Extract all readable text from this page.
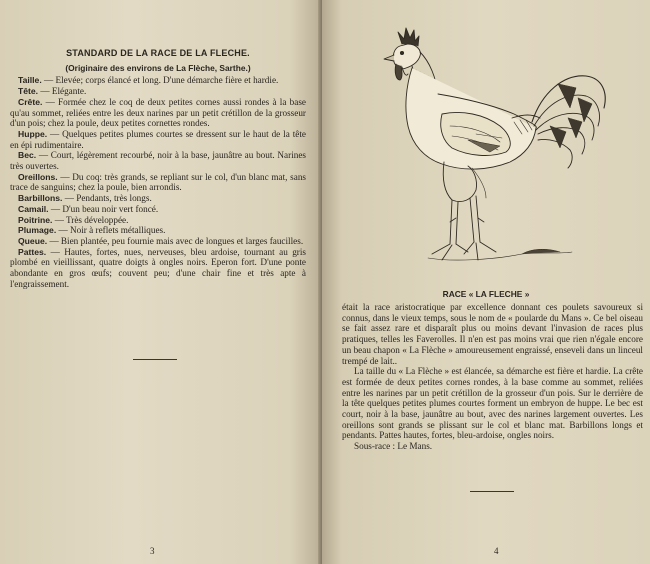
STANDARD DE LA RACE DE LA FLECHE.

(Originaire des environs de La Flèche, Sarthe.)

Taille. — Elevée; corps élancé et long. D'une démarche fière et hardie.

Tête. — Elégante.

Crête. — Formée chez le coq de deux petites cornes aussi rondes à la base qu'au sommet, reliées entre les deux narines par un petit crétillon de la grosseur d'un pois; chez la poule, deux petites cornettes rondes.

Huppe. — Quelques petites plumes courtes se dressent sur le haut de la tête en épi rudimentaire.

Bec. — Court, légèrement recourbé, noir à la base, jaunâtre au bout. Narines très ouvertes.

Oreillons. — Du coq: très grands, se repliant sur le col, d'un blanc mat, sans trace de sanguins; chez la poule, bien arrondis.

Barbillons. — Pendants, très longs.

Camail. — D'un beau noir vert foncé.

Poitrine. — Très développée.

Plumage. — Noir à reflets métalliques.

Queue. — Bien plantée, peu fournie mais avec de longues et larges faucilles.

Pattes. — Hautes, fortes, nues, nerveuses, bleu ardoise, tournant au gris plombé en vieillissant, quatre doigts à ongles noirs. Eperon fort. D'une ponte abondante en gros œufs; couvent peu; d'une chair fine et très apte à l'engraissement.

3
RACE « LA FLECHE »

était la race aristocratique par excellence donnant ces poulets savoureux si connus, dans le vieux temps, sous le nom de « poularde du Mans ». Ce bel oiseau se fait assez rare et disparaît plus ou moins devant l'invasion de races plus pratiques, telles les Faverolles. Il n'en est pas moins vrai que rien n'égale encore un beau chapon « La Flèche » amoureusement engraissé, enseveli dans un linceul trempé de lait..

La taille du « La Flèche » est élancée, sa démarche est fière et hardie. La crête est formée de deux petites cornes rondes, à la base comme au sommet, reliées entre les narines par un petit crétillon de la grosseur d'un pois. Sur le derrière de la tête quelques petites plumes courtes forment un embryon de huppe. Le bec est court, noir à la base, jaunâtre au bout, avec des narines largement ouvertes. Les oreillons sont grands se plissant sur le col et blanc mat. Barbillons longs et pendants. Pattes hautes, fortes, bleu-ardoise, ongles noirs.

Sous-race : Le Mans.

4
